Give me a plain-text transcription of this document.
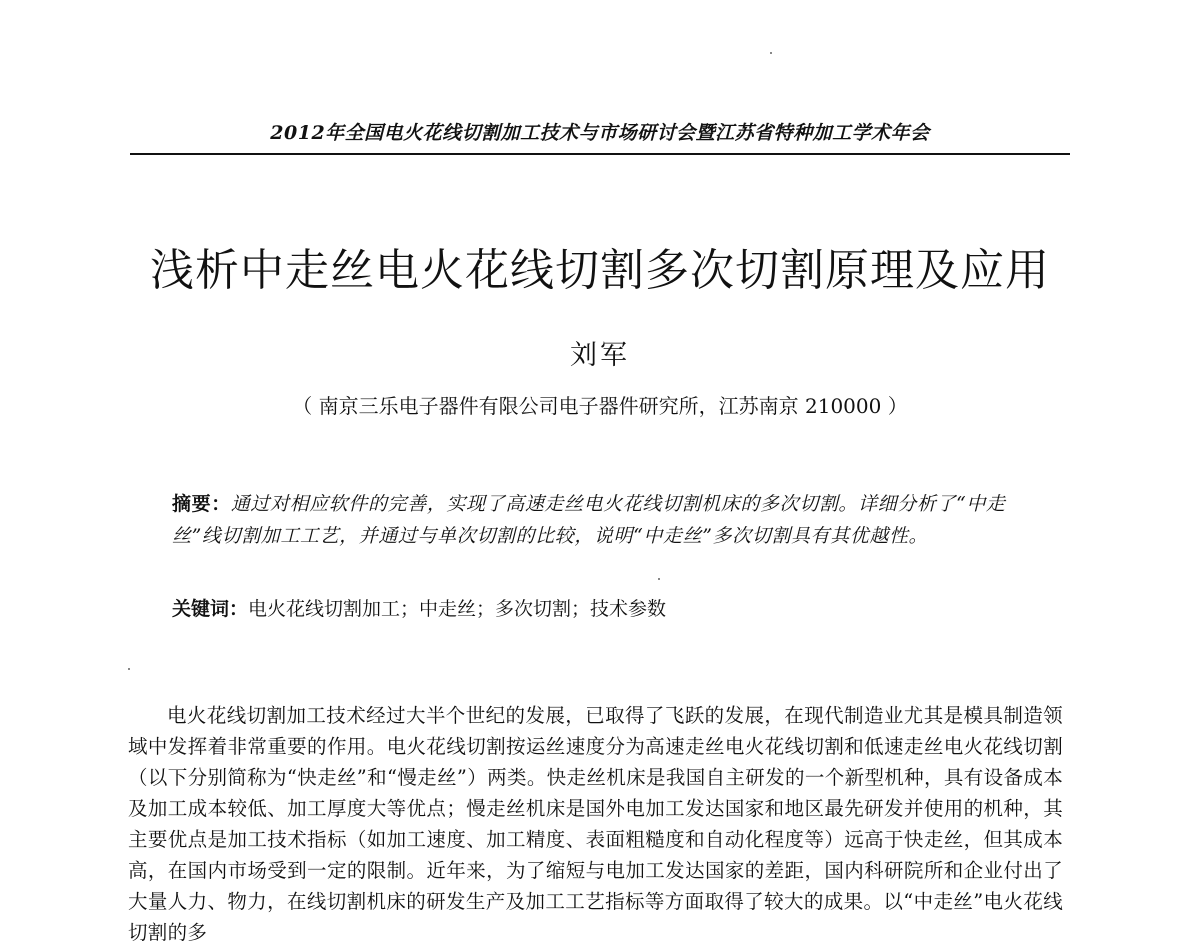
2012年全国电火花线切割加工技术与市场研讨会暨江苏省特种加工学术年会
浅析中走丝电火花线切割多次切割原理及应用
刘军
（ 南京三乐电子器件有限公司电子器件研究所，江苏南京 210000 ）
摘要：通过对相应软件的完善，实现了高速走丝电火花线切割机床的多次切割。详细分析了“中走丝”线切割加工工艺，并通过与单次切割的比较，说明“中走丝”多次切割具有其优越性。
关键词：电火花线切割加工；中走丝；多次切割；技术参数

电火花线切割加工技术经过大半个世纪的发展，已取得了飞跃的发展，在现代制造业尤其是模具制造领域中发挥着非常重要的作用。电火花线切割按运丝速度分为高速走丝电火花线切割和低速走丝电火花线切割（以下分别简称为“快走丝”和“慢走丝”）两类。快走丝机床是我国自主研发的一个新型机种，具有设备成本及加工成本较低、加工厚度大等优点；慢走丝机床是国外电加工发达国家和地区最先研发并使用的机种，其主要优点是加工技术指标（如加工速度、加工精度、表面粗糙度和自动化程度等）远高于快走丝，但其成本高，在国内市场受到一定的限制。近年来，为了缩短与电加工发达国家的差距，国内科研院所和企业付出了大量人力、物力，在线切割机床的研发生产及加工工艺指标等方面取得了较大的成果。以“中走丝”电火花线切割的多
